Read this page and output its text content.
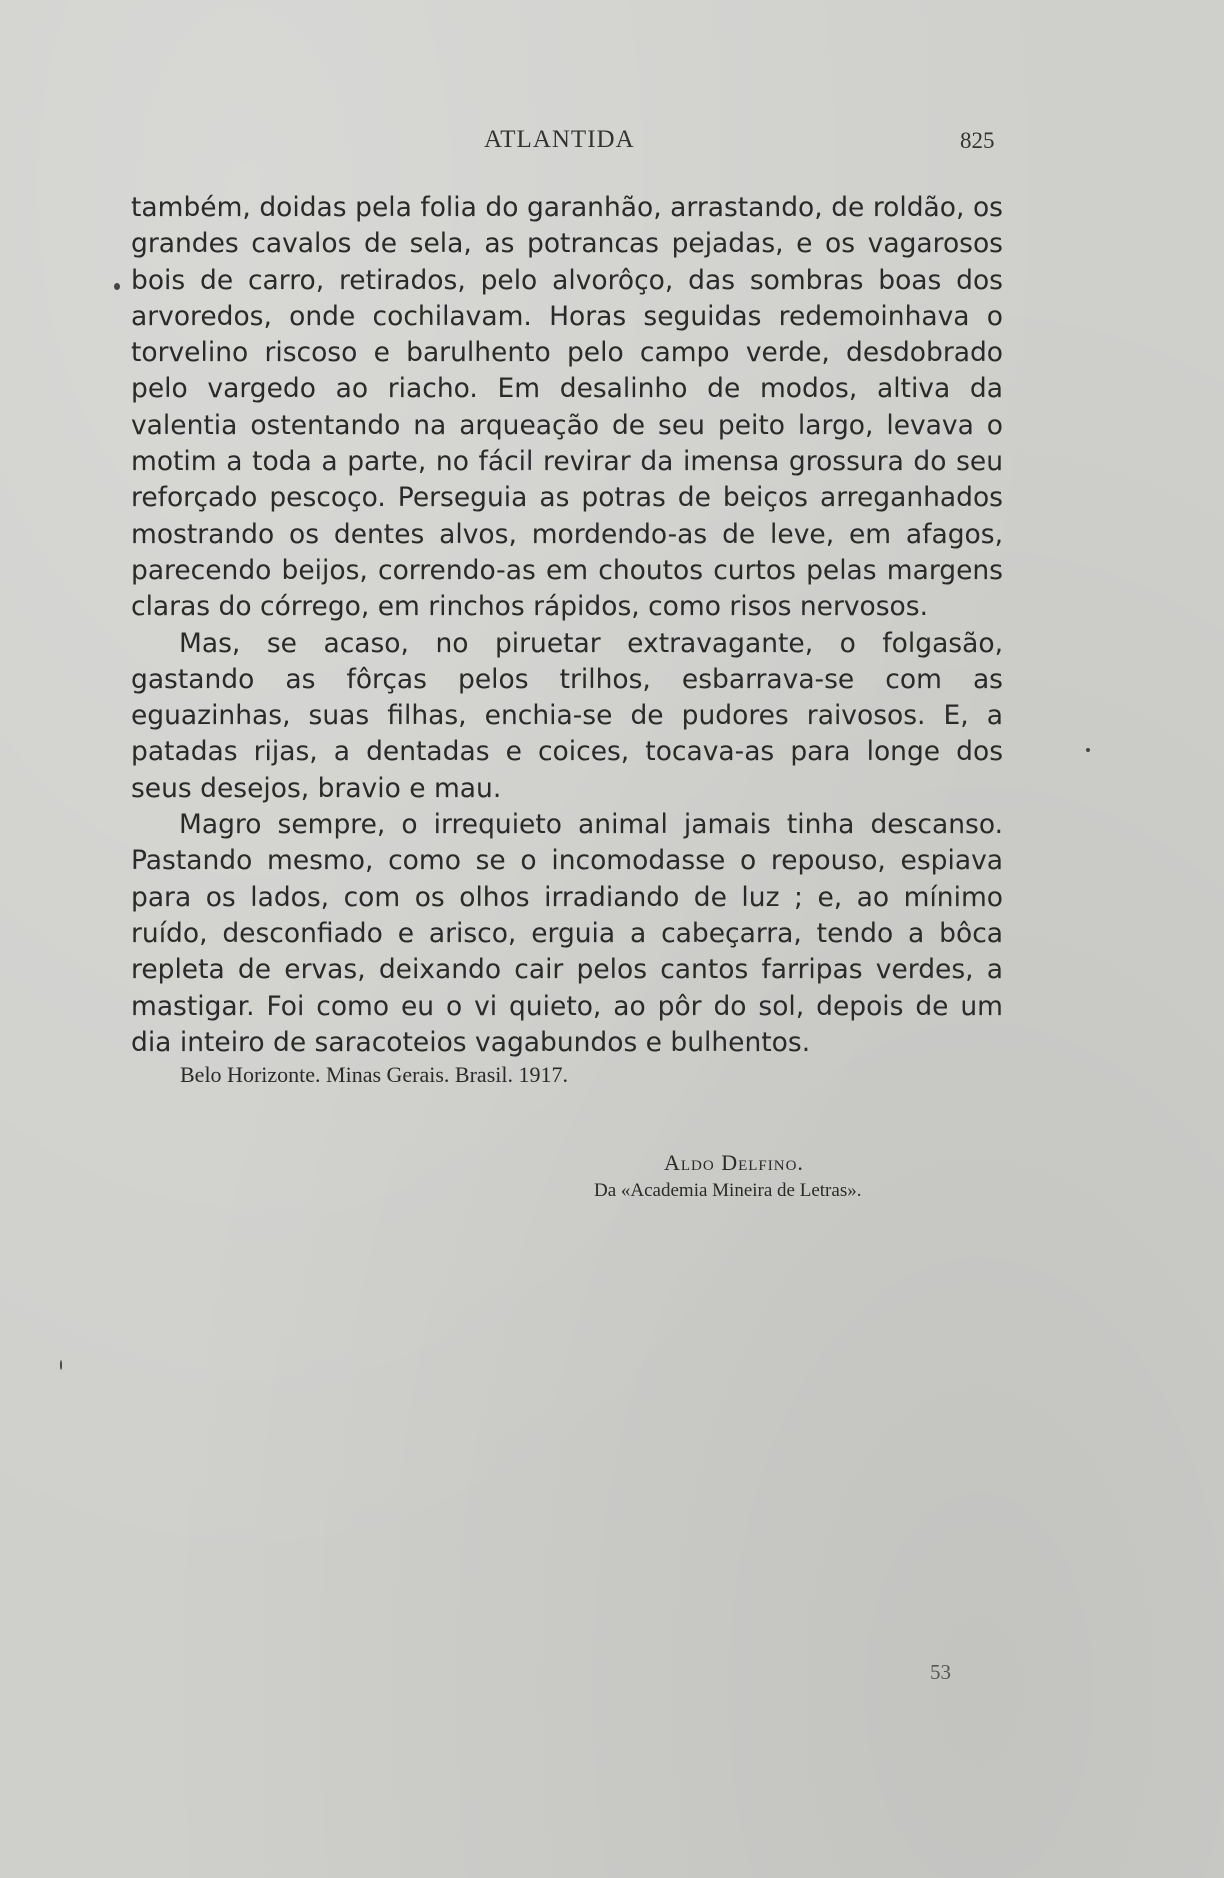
ATLANTIDA	825

também, doidas pela folia do garanhão, arrastando, de roldão, os grandes cavalos de sela, as potrancas pejadas, e os vagarosos bois de carro, retirados, pelo alvorôço, das sombras boas dos arvoredos, onde cochilavam. Horas seguidas redemoinhava o torvelino riscoso e barulhento pelo campo verde, desdobrado pelo vargedo ao riacho. Em desalinho de modos, altiva da valentia ostentando na arqueação de seu peito largo, levava o motim a toda a parte, no fácil revirar da imensa grossura do seu reforçado pescoço. Perseguia as potras de beiços arreganhados mostrando os dentes alvos, mordendo-as de leve, em afagos, parecendo beijos, correndo-as em choutos curtos pelas margens claras do córrego, em rinchos rápidos, como risos nervosos.

Mas, se acaso, no piruetar extravagante, o folgasão, gastando as fôrças pelos trilhos, esbarrava-se com as eguazinhas, suas filhas, enchia-se de pudores raivosos. E, a patadas rijas, a dentadas e coices, tocava-as para longe dos seus desejos, bravio e mau.

Magro sempre, o irrequieto animal jamais tinha descanso. Pastando mesmo, como se o incomodasse o repouso, espiava para os lados, com os olhos irradiando de luz ; e, ao mínimo ruído, desconfiado e arisco, erguia a cabeçarra, tendo a bôca repleta de ervas, deixando cair pelos cantos farripas verdes, a mastigar. Foi como eu o vi quieto, ao pôr do sol, depois de um dia inteiro de saracoteios vagabundos e bulhentos.

Belo Horizonte. Minas Gerais. Brasil. 1917.
Aldo Delfino.
Da «Academia Mineira de Letras».
53
